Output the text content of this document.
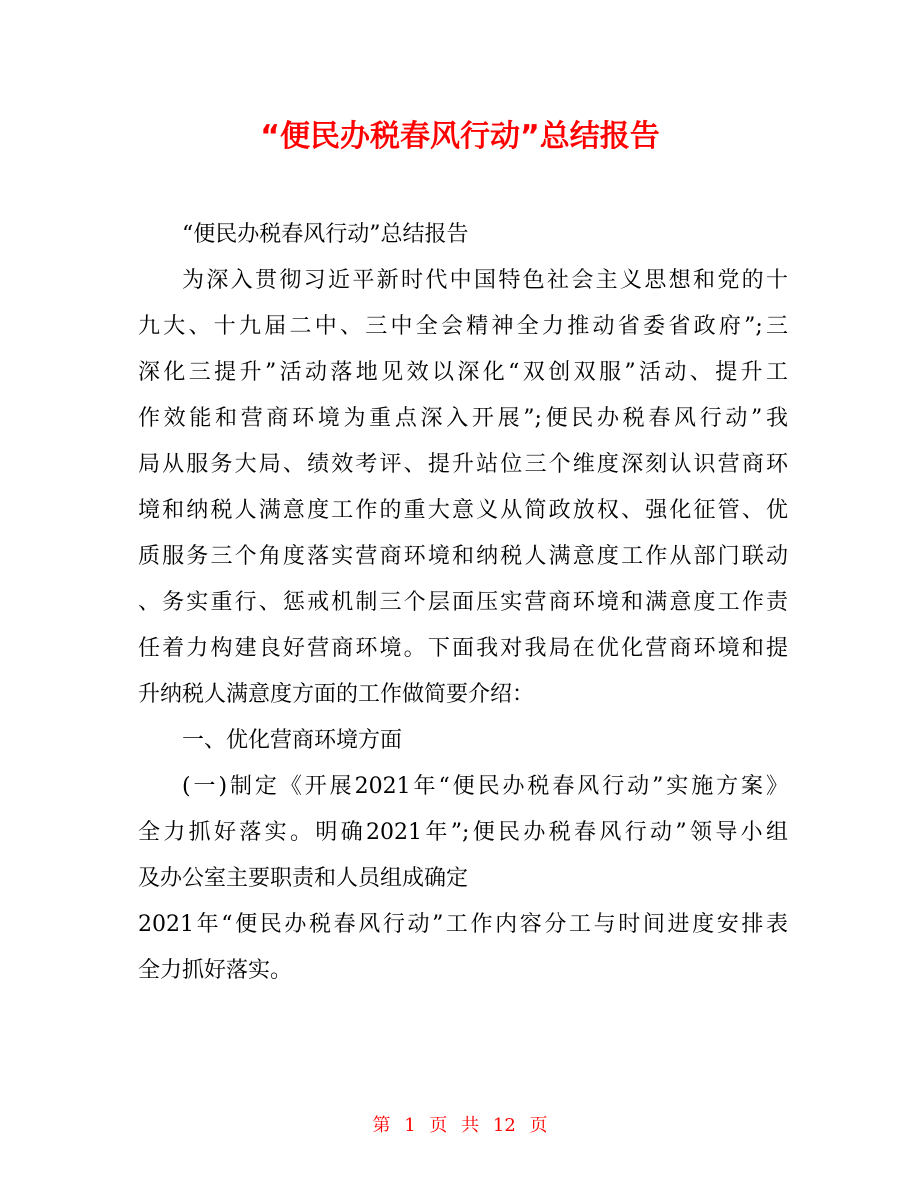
“便民办税春风行动”总结报告
“便民办税春风行动”总结报告
为深入贯彻习近平新时代中国特色社会主义思想和党的十
九大、十九届二中、三中全会精神全力推动省委省政府”;三
深化三提升”活动落地见效以深化“双创双服”活动、提升工
作效能和营商环境为重点深入开展”;便民办税春风行动”我
局从服务大局、绩效考评、提升站位三个维度深刻认识营商环
境和纳税人满意度工作的重大意义从简政放权、强化征管、优
质服务三个角度落实营商环境和纳税人满意度工作从部门联动
、务实重行、惩戒机制三个层面压实营商环境和满意度工作责
任着力构建良好营商环境。下面我对我局在优化营商环境和提
升纳税人满意度方面的工作做简要介绍：
一、优化营商环境方面
(一)制定《开展2021年“便民办税春风行动”实施方案》
全力抓好落实。明确2021年”;便民办税春风行动”领导小组
及办公室主要职责和人员组成确定
2021年“便民办税春风行动”工作内容分工与时间进度安排表
全力抓好落实。
第 1 页 共 12 页
